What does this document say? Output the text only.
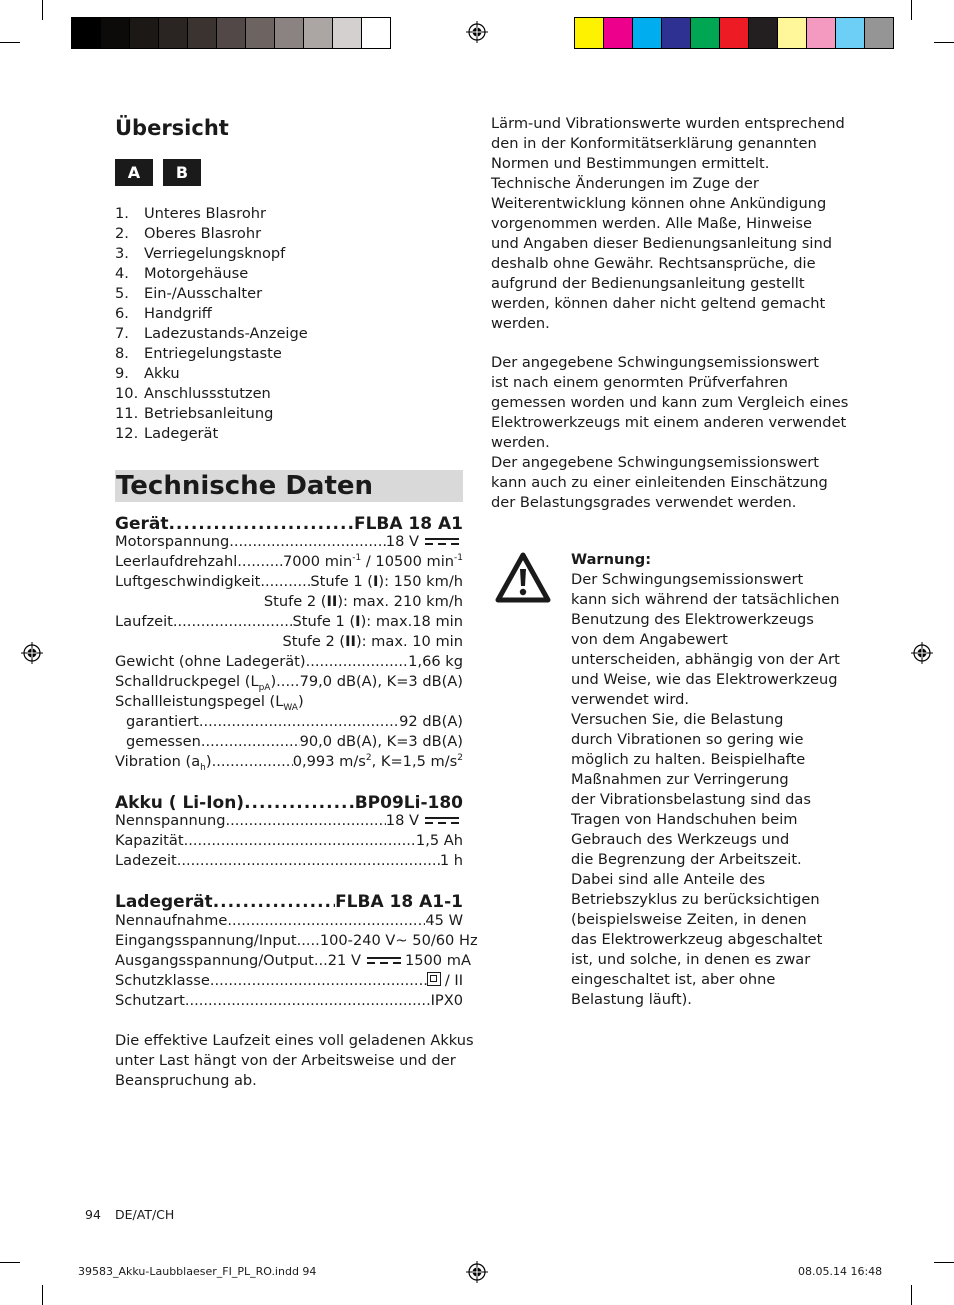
Übersicht
A	B
1. Unteres Blasrohr
2. Oberes Blasrohr
3. Verriegelungsknopf
4. Motorgehäuse
5. Ein-/Ausschalter
6. Handgriff
7. Ladezustands-Anzeige
8. Entriegelungstaste
9. Akku
10. Anschlussstutzen
11. Betriebsanleitung
12. Ladegerät
Technische Daten
Gerät .....	FLBA 18 A1
Motorspannung .....	18 V
Leerlaufdrehzahl .....	7000 $\min^{-1} / 10500$ $\min^{-1}$
Luftgeschwindigkeit .....	Stufe 1 (I): 150 km/h
Stufe 2 (II): max. 210 km/h
Laufzeit .....	Stufe 1 (I): max.18 min
Stufe 2 (II): max. 10 min
Gewicht (ohne Ladegerät) .....	1,66 kg
Schalldruckpegel $(L_{pA})$ ..... 79,0 dB(A), K=3 dB(A)
Schallleistungspegel $(L_{WA})$
garantiert .....	92 dB(A)
gemessen .....	90,0 dB(A), K=3 dB(A)
Vibration $(a_h)$ .....	0,993 $m/s^2$, K=1,5 $m/s^2$
Akku ( Li-Ion) .....	BP09Li-180
Nennspannung .....	18 V
Kapazität .....	1,5 Ah
Ladezeit .....	1 h
Ladegerät .....	FLBA 18 A1-1
Nennaufnahme .....	45 W
Eingangsspannung/Input.....100-240 V~ 50/60 Hz
Ausgangsspannung/Output...21 V	1500 mA
Schutzklasse .....	/ II
Schutzart .....	IPX0
Die effektive Laufzeit eines voll geladenen Akkus
unter Last hängt von der Arbeitsweise und der
Beanspruchung ab.
Lärm-und Vibrationswerte wurden entsprechend
den in der Konformitätserklärung genannten
Normen und Bestimmungen ermittelt.
Technische Änderungen im Zuge der
Weiterentwicklung können ohne Ankündigung
vorgenommen werden. Alle Maße, Hinweise
und Angaben dieser Bedienungsanleitung sind
deshalb ohne Gewähr. Rechtsansprüche, die
aufgrund der Bedienungsanleitung gestellt
werden, können daher nicht geltend gemacht
werden.
Der angegebene Schwingungsemissionswert
ist nach einem genormten Prüfverfahren
gemessen worden und kann zum Vergleich eines
Elektrowerkzeugs mit einem anderen verwendet
werden.
Der angegebene Schwingungsemissionswert
kann auch zu einer einleitenden Einschätzung
der Belastungsgrades verwendet werden.
Warnung:
Der Schwingungsemissionswert
kann sich während der tatsächlichen
Benutzung des Elektrowerkzeugs
von dem Angabewert
unterscheiden, abhängig von der Art
und Weise, wie das Elektrowerkzeug
verwendet wird.
Versuchen Sie, die Belastung
durch Vibrationen so gering wie
möglich zu halten. Beispielhafte
Maßnahmen zur Verringerung
der Vibrationsbelastung sind das
Tragen von Handschuhen beim
Gebrauch des Werkzeugs und
die Begrenzung der Arbeitszeit.
Dabei sind alle Anteile des
Betriebszyklus zu berücksichtigen
(beispielsweise Zeiten, in denen
das Elektrowerkzeug abgeschaltet
ist, und solche, in denen es zwar
eingeschaltet ist, aber ohne
Belastung läuft).
94 DE/AT/CH
39583_Akku-Laubblaeser_FI_PL_RO.indd 94	08.05.14 16:48
